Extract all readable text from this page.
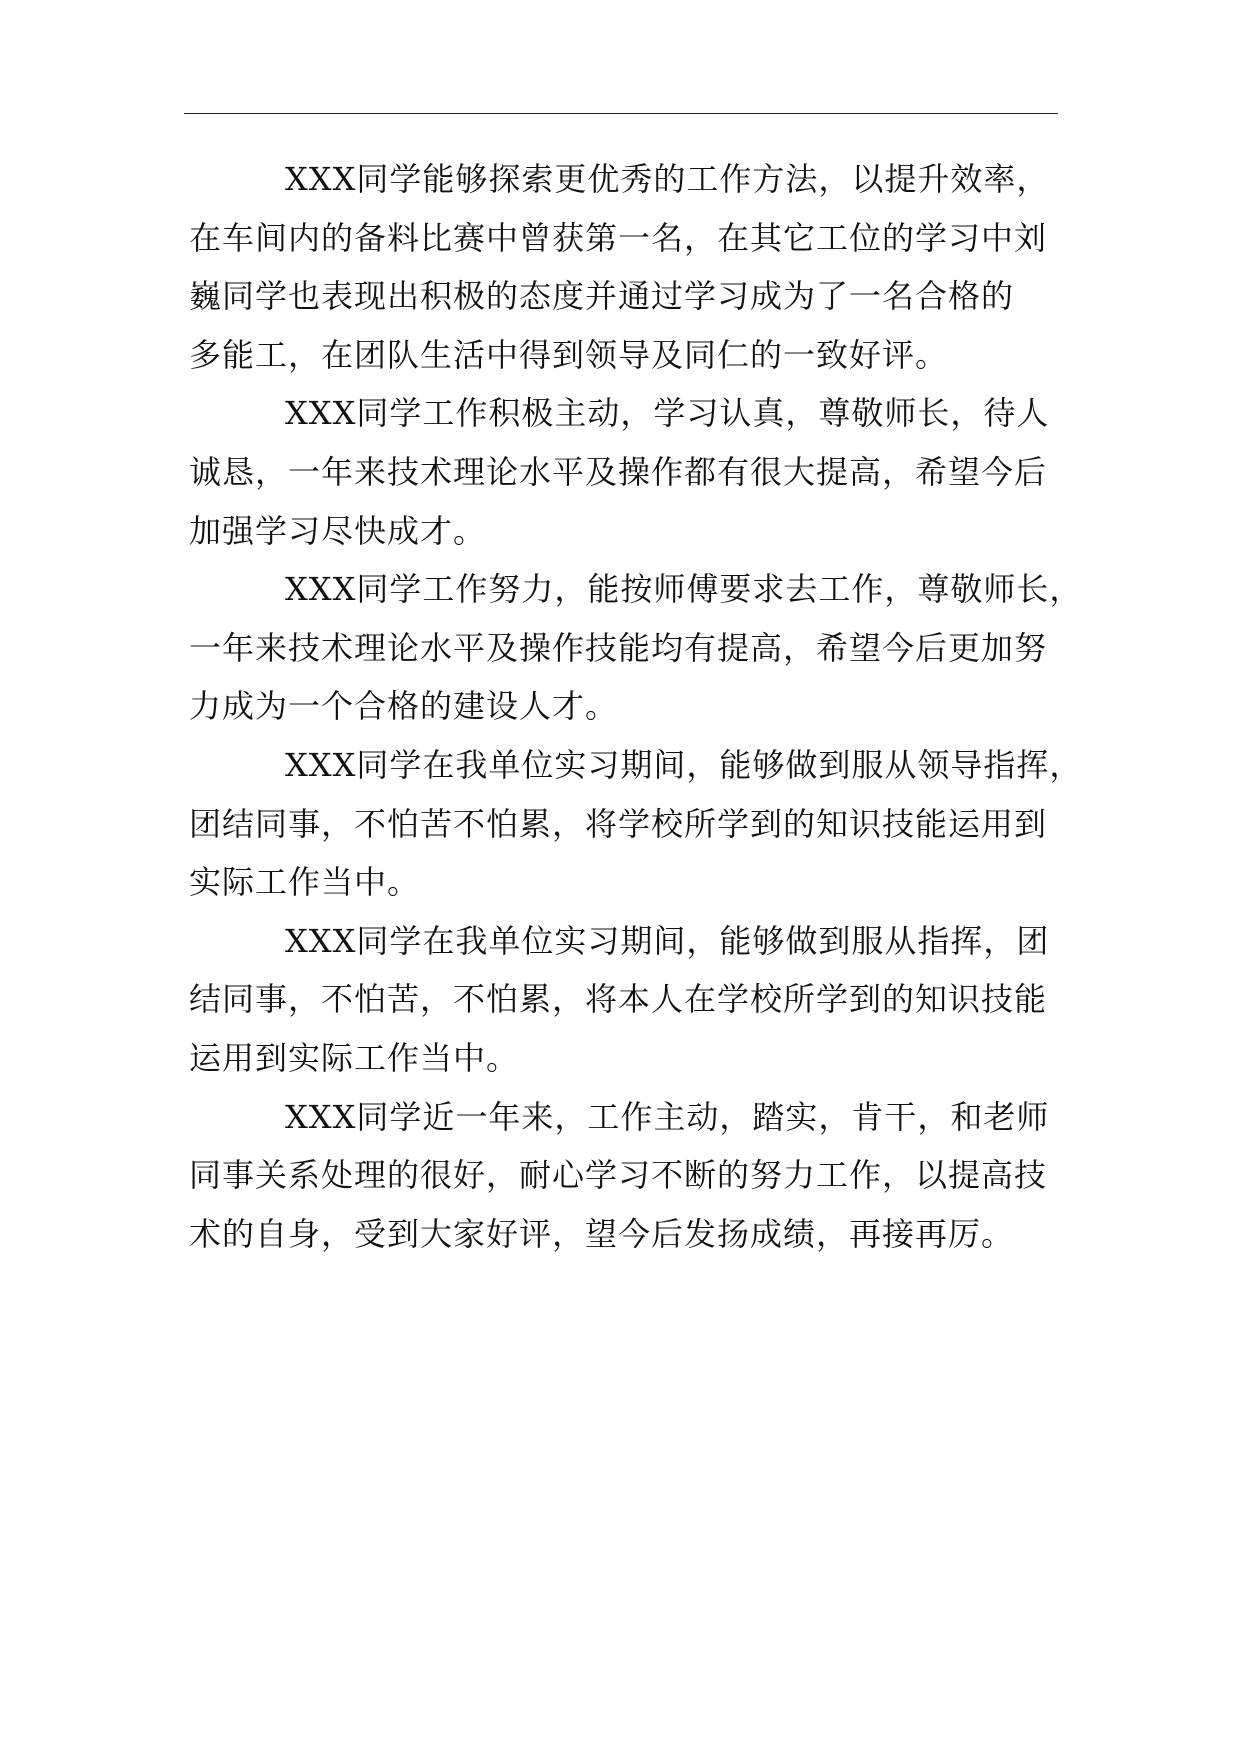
XXX同学能够探索更优秀的工作方法，以提升效率，
在车间内的备料比赛中曾获第一名，在其它工位的学习中刘
巍同学也表现出积极的态度并通过学习成为了一名合格的
多能工，在团队生活中得到领导及同仁的一致好评。

XXX同学工作积极主动，学习认真，尊敬师长，待人
诚恳，一年来技术理论水平及操作都有很大提高，希望今后
加强学习尽快成才。

XXX同学工作努力，能按师傅要求去工作，尊敬师长，
一年来技术理论水平及操作技能均有提高，希望今后更加努
力成为一个合格的建设人才。

XXX同学在我单位实习期间，能够做到服从领导指挥，
团结同事，不怕苦不怕累，将学校所学到的知识技能运用到
实际工作当中。

XXX同学在我单位实习期间，能够做到服从指挥，团
结同事，不怕苦，不怕累，将本人在学校所学到的知识技能
运用到实际工作当中。

XXX同学近一年来，工作主动，踏实，肯干，和老师
同事关系处理的很好，耐心学习不断的努力工作，以提高技
术的自身，受到大家好评，望今后发扬成绩，再接再厉。
